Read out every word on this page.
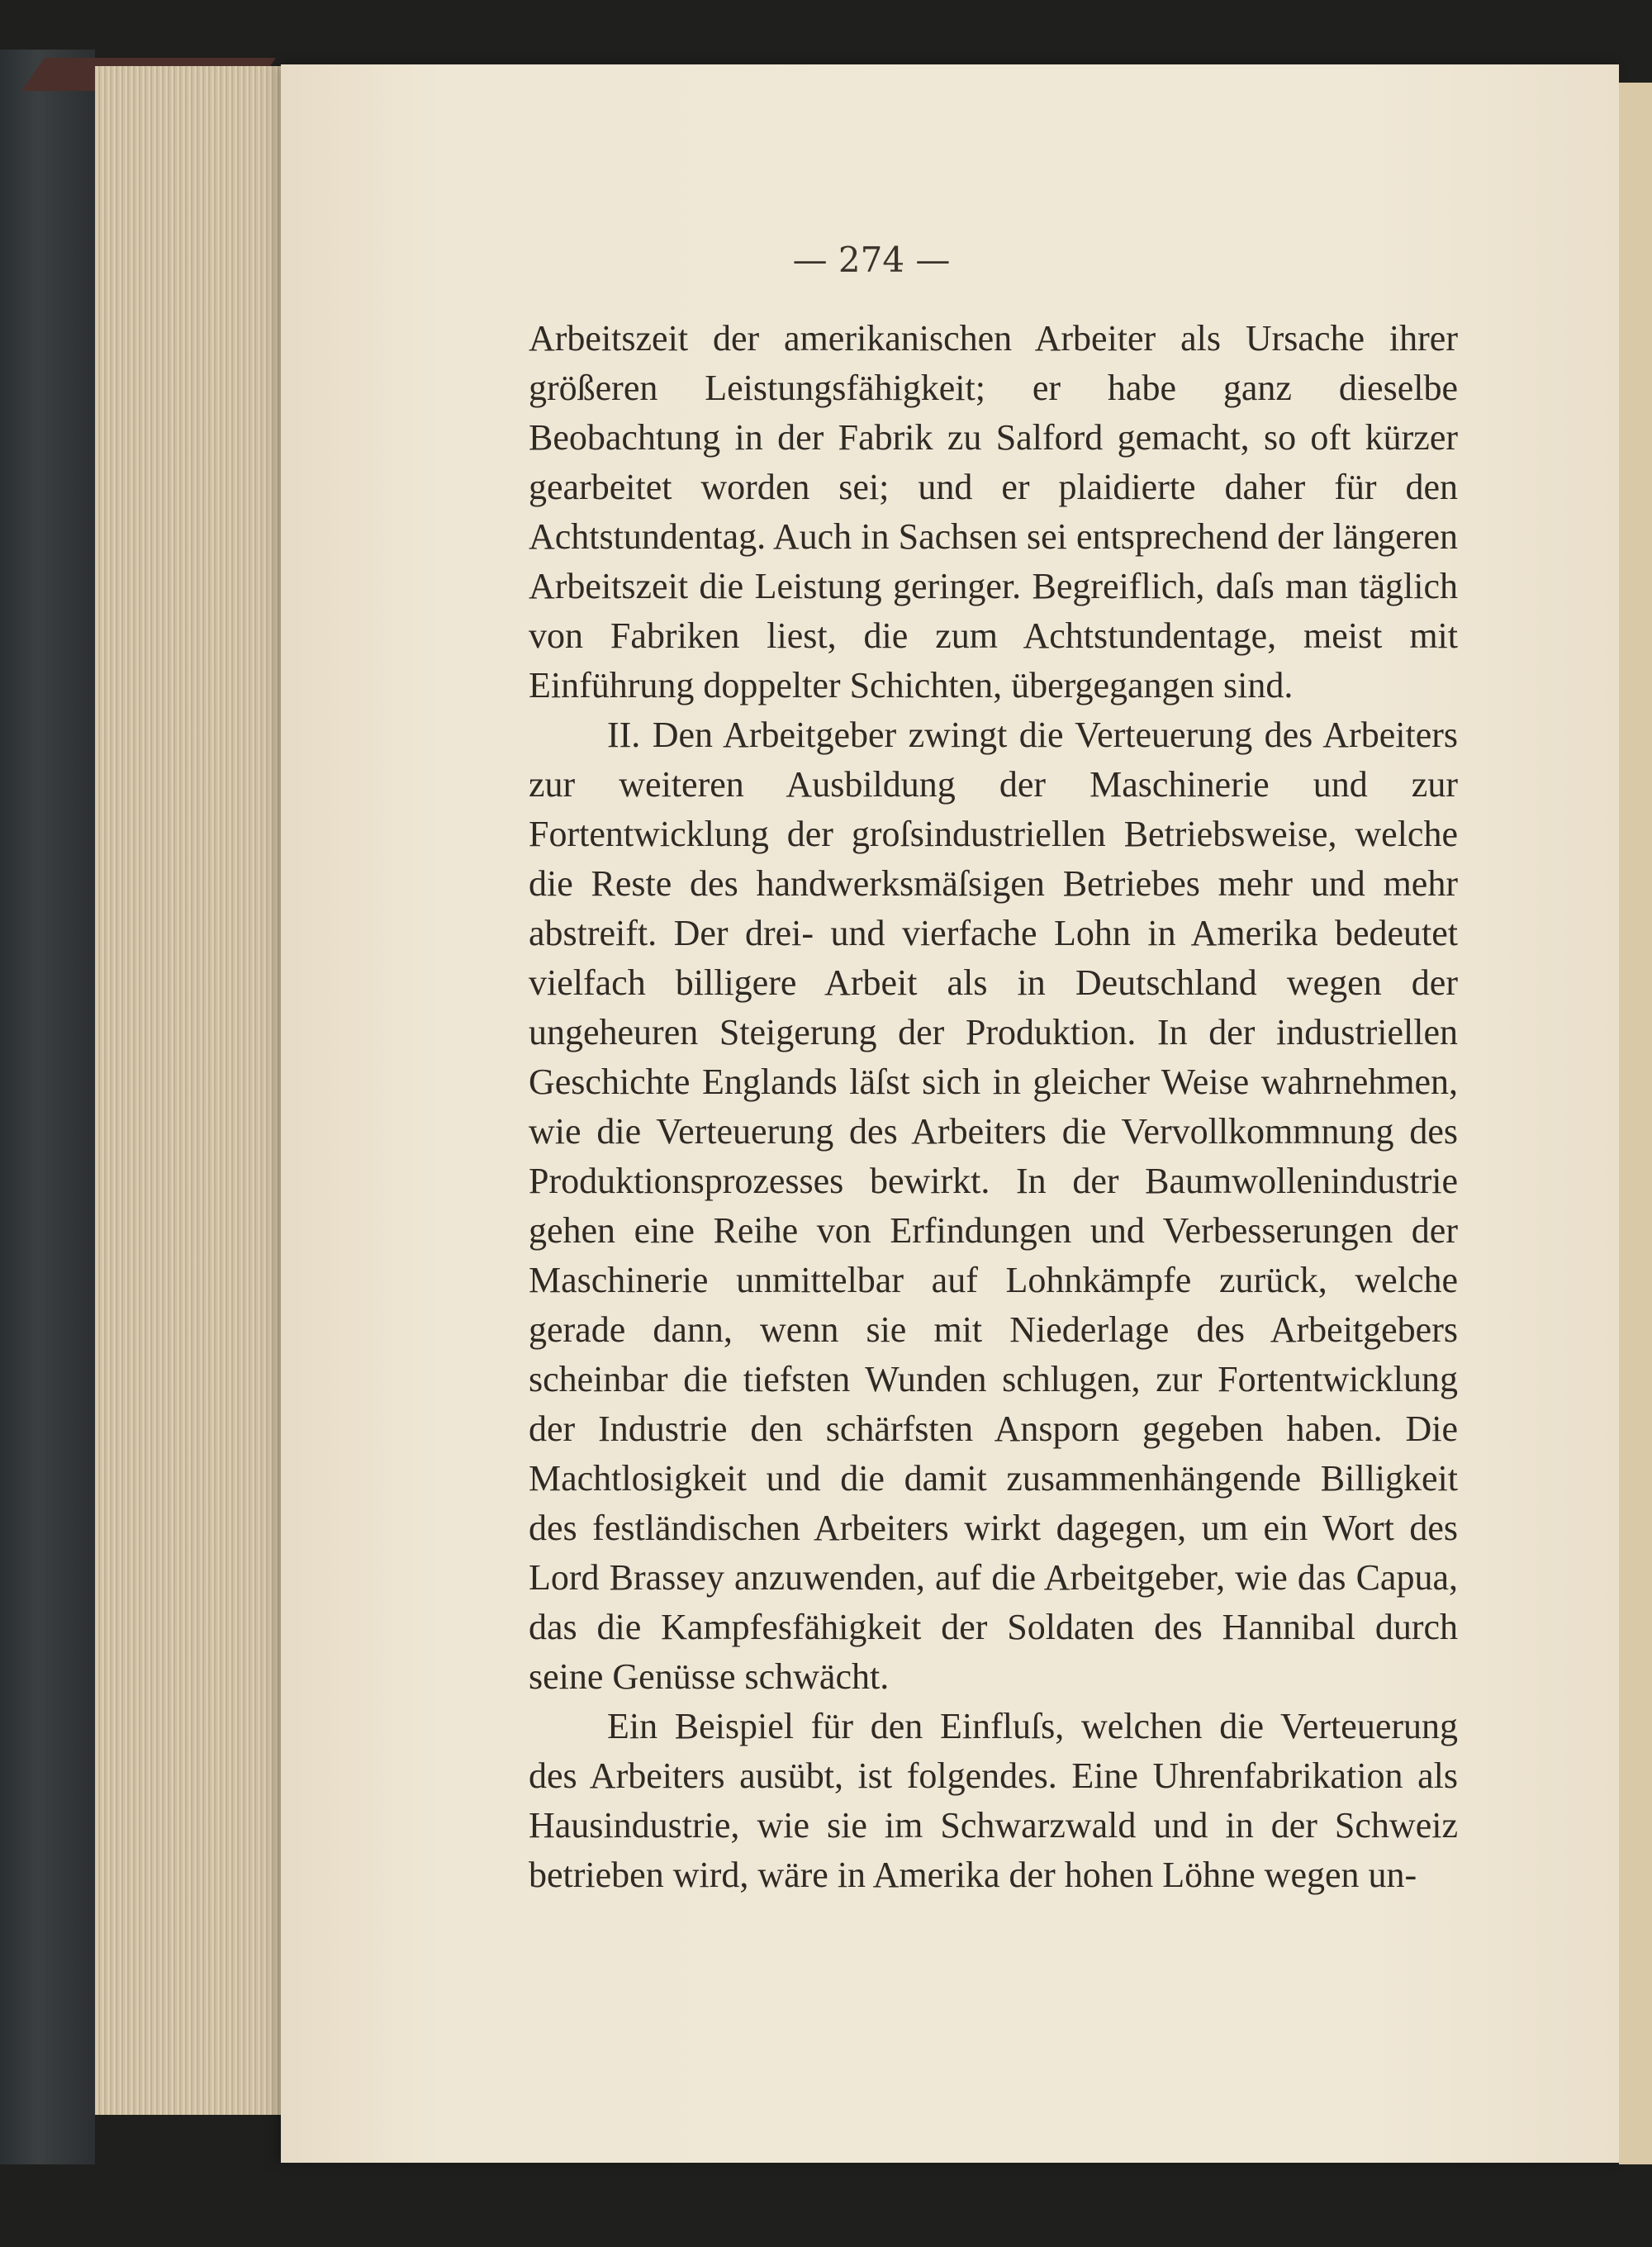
— 274 —

Arbeitszeit der amerikanischen Arbeiter als Ursache ihrer größeren Leistungsfähigkeit; er habe ganz dieselbe Beobachtung in der Fabrik zu Salford gemacht, so oft kürzer gearbeitet worden sei; und er plaidierte daher für den Achtstundentag. Auch in Sachsen sei entsprechend der längeren Arbeitszeit die Leistung geringer. Begreiflich, daſs man täglich von Fabriken liest, die zum Achtstundentage, meist mit Einführung doppelter Schichten, übergegangen sind.

II. Den Arbeitgeber zwingt die Verteuerung des Arbeiters zur weiteren Ausbildung der Maschinerie und zur Fortentwicklung der groſsindustriellen Betriebsweise, welche die Reste des handwerksmäſsigen Betriebes mehr und mehr abstreift. Der drei- und vierfache Lohn in Amerika bedeutet vielfach billigere Arbeit als in Deutschland wegen der ungeheuren Steigerung der Produktion. In der industriellen Geschichte Englands läſst sich in gleicher Weise wahrnehmen, wie die Verteuerung des Arbeiters die Vervollkommnung des Produktionsprozesses bewirkt. In der Baumwollenindustrie gehen eine Reihe von Erfindungen und Verbesserungen der Maschinerie unmittelbar auf Lohnkämpfe zurück, welche gerade dann, wenn sie mit Niederlage des Arbeitgebers scheinbar die tiefsten Wunden schlugen, zur Fortentwicklung der Industrie den schärfsten Ansporn gegeben haben. Die Machtlosigkeit und die damit zusammenhängende Billigkeit des festländischen Arbeiters wirkt dagegen, um ein Wort des Lord Brassey anzuwenden, auf die Arbeitgeber, wie das Capua, das die Kampfesfähigkeit der Soldaten des Hannibal durch seine Genüsse schwächt.

Ein Beispiel für den Einfluſs, welchen die Verteuerung des Arbeiters ausübt, ist folgendes. Eine Uhrenfabrikation als Hausindustrie, wie sie im Schwarzwald und in der Schweiz betrieben wird, wäre in Amerika der hohen Löhne wegen un-
